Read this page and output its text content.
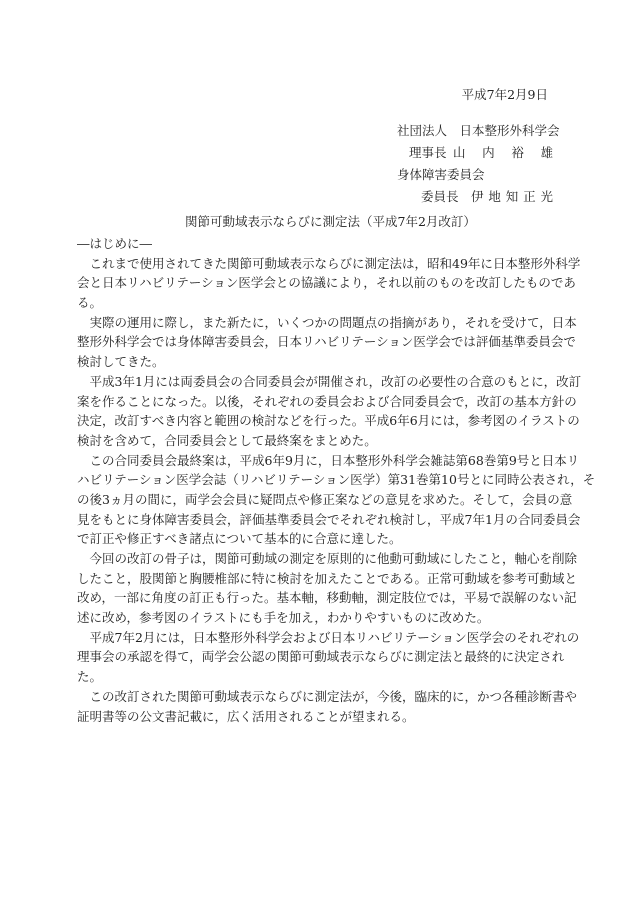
平成7年2月9日
社団法人　日本整形外科学会
理事長 山 内 裕 雄
身体障害委員会
委員長 伊 地 知 正 光
関節可動域表示ならびに測定法（平成7年2月改訂）
―はじめに―
これまで使用されてきた関節可動域表示ならびに測定法は，昭和49年に日本整形外科学
会と日本リハビリテーション医学会との協議により，それ以前のものを改訂したものであ
る。
実際の運用に際し，また新たに，いくつかの問題点の指摘があり，それを受けて，日本
整形外科学会では身体障害委員会，日本リハビリテーション医学会では評価基準委員会で
検討してきた。
平成3年1月には両委員会の合同委員会が開催され，改訂の必要性の合意のもとに，改訂
案を作ることになった。以後，それぞれの委員会および合同委員会で，改訂の基本方針の
決定，改訂すべき内容と範囲の検討などを行った。平成6年6月には，参考図のイラストの
検討を含めて，合同委員会として最終案をまとめた。
この合同委員会最終案は，平成6年9月に，日本整形外科学会雑誌第68巻第9号と日本リ
ハビリテーション医学会誌（リハビリテーション医学）第31巻第10号とに同時公表され，そ
の後3ヵ月の間に，両学会会員に疑問点や修正案などの意見を求めた。そして，会員の意
見をもとに身体障害委員会，評価基準委員会でそれぞれ検討し，平成7年1月の合同委員会
で訂正や修正すべき諸点について基本的に合意に達した。
今回の改訂の骨子は，関節可動域の測定を原則的に他動可動域にしたこと，軸心を削除
したこと，股関節と胸腰椎部に特に検討を加えたことである。正常可動域を参考可動域と
改め，一部に角度の訂正も行った。基本軸，移動軸，測定肢位では，平易で誤解のない記
述に改め，参考図のイラストにも手を加え，わかりやすいものに改めた。
平成7年2月には，日本整形外科学会および日本リハビリテーション医学会のそれぞれの
理事会の承認を得て，両学会公認の関節可動域表示ならびに測定法と最終的に決定され
た。
この改訂された関節可動域表示ならびに測定法が，今後，臨床的に，かつ各種診断書や
証明書等の公文書記載に，広く活用されることが望まれる。
